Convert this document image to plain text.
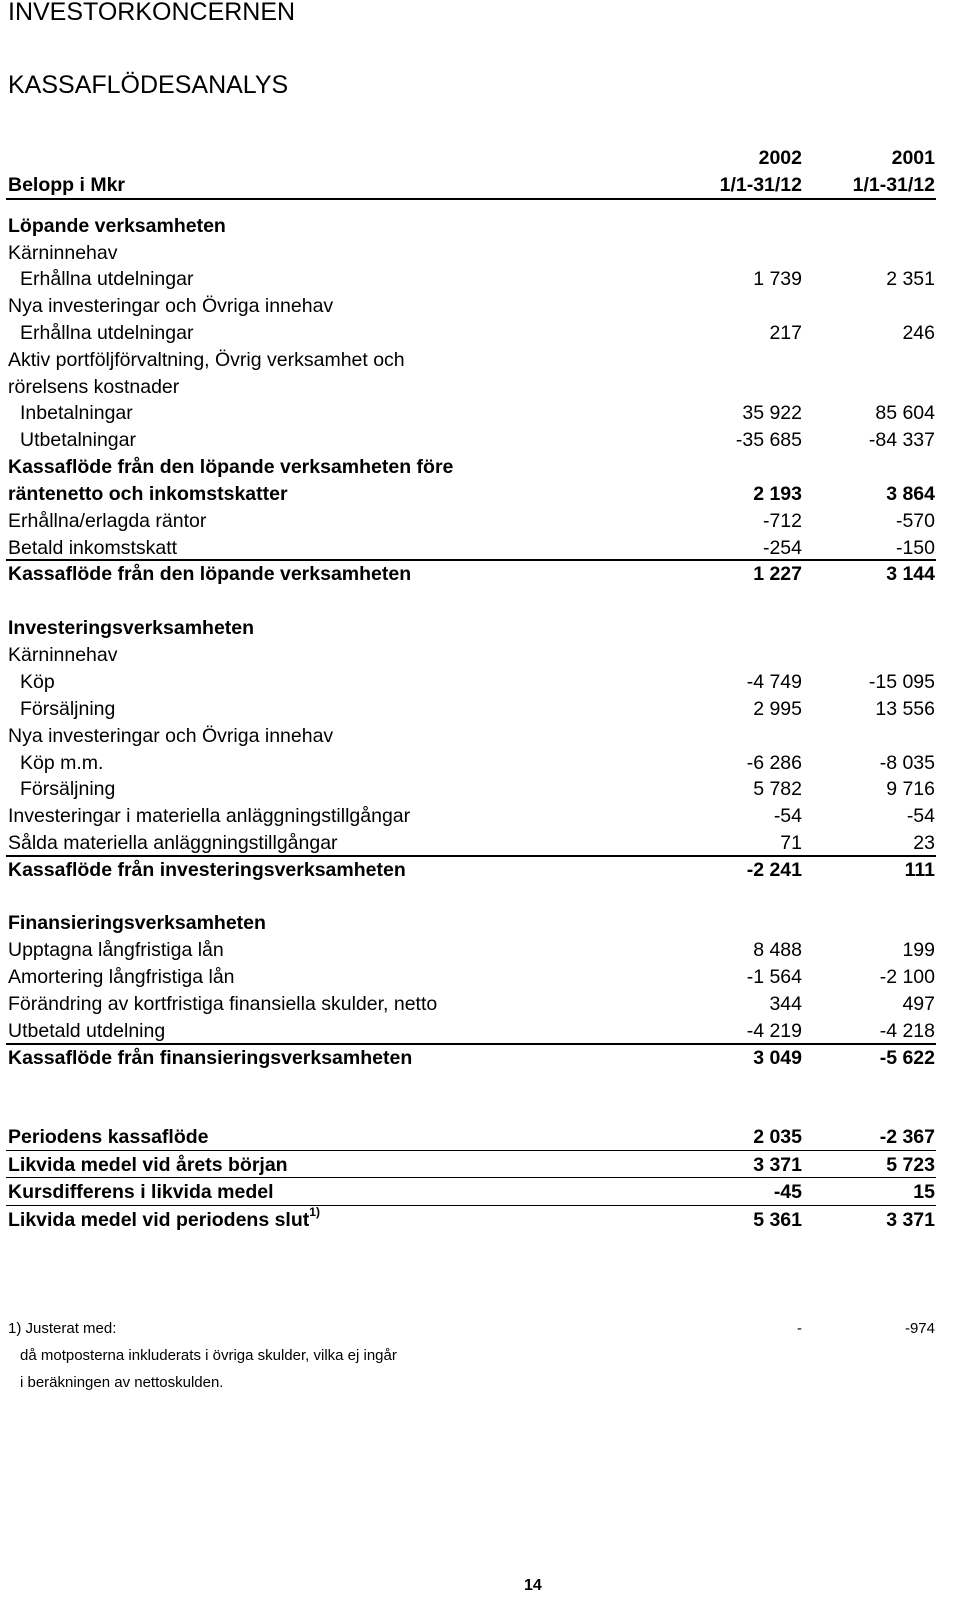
INVESTORKONCERNEN
KASSAFLÖDESANALYS
2002	2001
Belopp i Mkr	1/1-31/12	1/1-31/12
Löpande verksamheten
Kärninnehav
Erhållna utdelningar	1 739	2 351
Nya investeringar och Övriga innehav
Erhållna utdelningar	217	246
Aktiv portföljförvaltning, Övrig verksamhet och
rörelsens kostnader
Inbetalningar	35 922	85 604
Utbetalningar	-35 685	-84 337
Kassaflöde från den löpande verksamheten före
räntenetto och inkomstskatter	2 193	3 864
Erhållna/erlagda räntor	-712	-570
Betald inkomstskatt	-254	-150
Kassaflöde från den löpande verksamheten	1 227	3 144
Investeringsverksamheten
Kärninnehav
Köp	-4 749	-15 095
Försäljning	2 995	13 556
Nya investeringar och Övriga innehav
Köp m.m.	-6 286	-8 035
Försäljning	5 782	9 716
Investeringar i materiella anläggningstillgångar	-54	-54
Sålda materiella anläggningstillgångar	71	23
Kassaflöde från investeringsverksamheten	-2 241	111
Finansieringsverksamheten
Upptagna långfristiga lån	8 488	199
Amortering långfristiga lån	-1 564	-2 100
Förändring av kortfristiga finansiella skulder, netto	344	497
Utbetald utdelning	-4 219	-4 218
Kassaflöde från finansieringsverksamheten	3 049	-5 622
Periodens kassaflöde	2 035	-2 367
Likvida medel vid årets början	3 371	5 723
Kursdifferens i likvida medel	-45	15
Likvida medel vid periodens slut$^{1)}$	5 361	3 371
1) Justerat med:	-	-974
då motposterna inkluderats i övriga skulder, vilka ej ingår
i beräkningen av nettoskulden.
14
